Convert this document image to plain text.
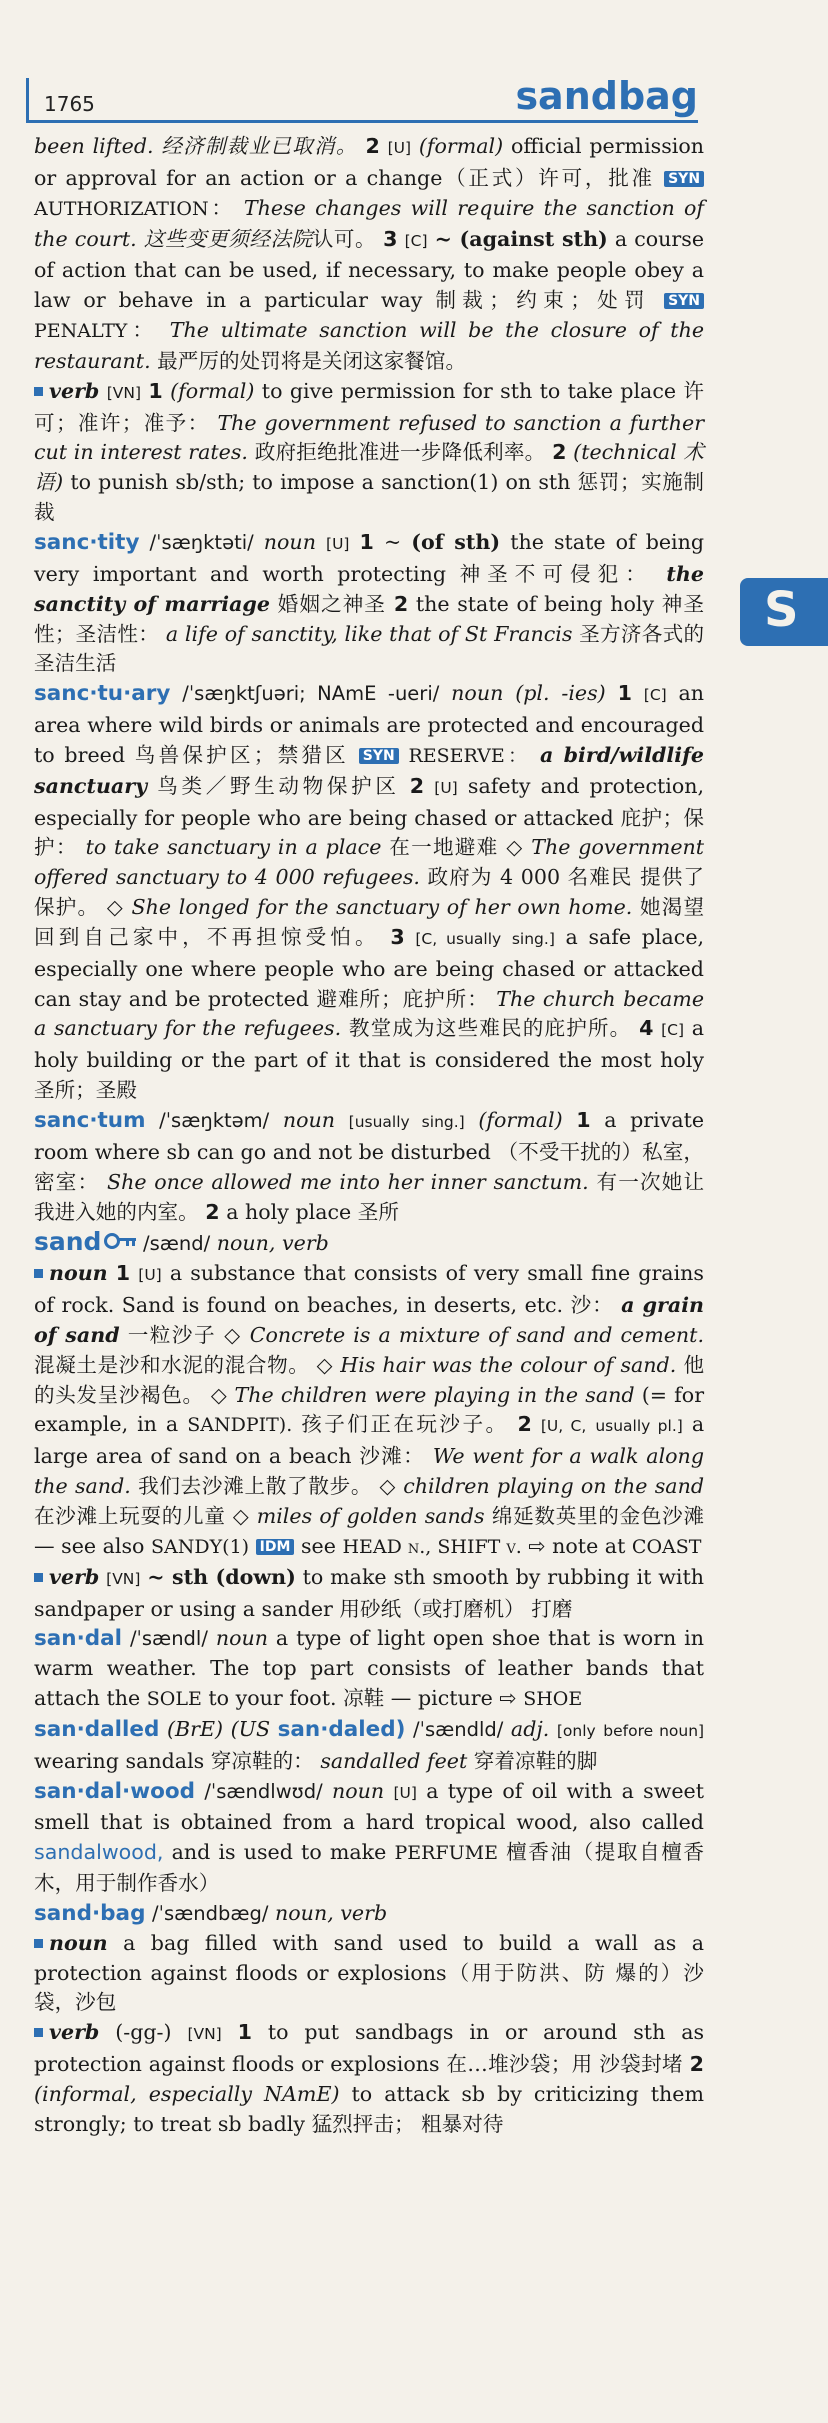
1765	sandbag
S

been lifted. 经济制裁业已取消。 2 [U] (formal) official permission or approval for an action or a change（正式）许可，批准 SYN AUTHORIZATION： These changes will require the sanction of the court. 这些变更须经法院认可。 3 [C] ~ (against sth) a course of action that can be used, if necessary, to make people obey a law or behave in a particular way 制裁；约束；处罚 SYN PENALTY： The ultimate sanction will be the closure of the restaurant. 最严厉的处罚将是关闭这家餐馆。

verb [VN] 1 (formal) to give permission for sth to take place 许可；准许；准予： The government refused to sanction a further cut in interest rates. 政府拒绝批准进一步降低利率。 2 (technical 术语) to punish sb/sth; to impose a sanction(1) on sth 惩罚；实施制裁

sanc·tity /ˈsæŋktəti/ noun [U] 1 ~ (of sth) the state of being very important and worth protecting 神圣不可侵犯： the sanctity of marriage 婚姻之神圣 2 the state of being holy 神圣性；圣洁性： a life of sanctity, like that of St Francis 圣方济各式的圣洁生活

sanc·tu·ary /ˈsæŋktʃuəri; NAmE -ueri/ noun (pl. -ies) 1 [C] an area where wild birds or animals are protected and encouraged to breed 鸟兽保护区；禁猎区 SYN RESERVE： a bird/wildlife sanctuary 鸟类／野生动物保护区 2 [U] safety and protection, especially for people who are being chased or attacked 庇护；保护： to take sanctuary in a place 在一地避难 ◇ The government offered sanctuary to 4 000 refugees. 政府为 4 000 名难民 提供了保护。 ◇ She longed for the sanctuary of her own home. 她渴望回到自己家中，不再担惊受怕。 3 [C, usually sing.] a safe place, especially one where people who are being chased or attacked can stay and be protected 避难所；庇护所： The church became a sanctuary for the refugees. 教堂成为这些难民的庇护所。 4 [C] a holy building or the part of it that is considered the most holy 圣所；圣殿

sanc·tum /ˈsæŋktəm/ noun [usually sing.] (formal) 1 a private room where sb can go and not be disturbed （不受干扰的）私室，密室： She once allowed me into her inner sanctum. 有一次她让我进入她的内室。 2 a holy place 圣所

sand /sænd/ noun, verb

noun 1 [U] a substance that consists of very small fine grains of rock. Sand is found on beaches, in deserts, etc. 沙： a grain of sand 一粒沙子 ◇ Concrete is a mixture of sand and cement. 混凝土是沙和水泥的混合物。 ◇ His hair was the colour of sand. 他的头发呈沙褐色。 ◇ The children were playing in the sand (= for example, in a SANDPIT). 孩子们正在玩沙子。 2 [U, C, usually pl.] a large area of sand on a beach 沙滩： We went for a walk along the sand. 我们去沙滩上散了散步。 ◇ children playing on the sand 在沙滩上玩耍的儿童 ◇ miles of golden sands 绵延数英里的金色沙滩 — see also SANDY(1) IDM see HEAD n., SHIFT v. ⇨ note at COAST

verb [VN] ~ sth (down) to make sth smooth by rubbing it with sandpaper or using a sander 用砂纸（或打磨机） 打磨

san·dal /ˈsændl/ noun a type of light open shoe that is worn in warm weather. The top part consists of leather bands that attach the SOLE to your foot. 凉鞋 — picture ⇨ SHOE

san·dalled (BrE) (US san·daled) /ˈsændld/ adj. [only before noun] wearing sandals 穿凉鞋的： sandalled feet 穿着凉鞋的脚

san·dal·wood /ˈsændlwʊd/ noun [U] a type of oil with a sweet smell that is obtained from a hard tropical wood, also called sandalwood, and is used to make PERFUME 檀香油（提取自檀香木，用于制作香水）

sand·bag /ˈsændbæg/ noun, verb

noun a bag filled with sand used to build a wall as a protection against floods or explosions（用于防洪、防 爆的）沙袋，沙包

verb (-gg-) [VN] 1 to put sandbags in or around sth as protection against floods or explosions 在…堆沙袋；用 沙袋封堵 2 (informal, especially NAmE) to attack sb by criticizing them strongly; to treat sb badly 猛烈抨击； 粗暴对待
